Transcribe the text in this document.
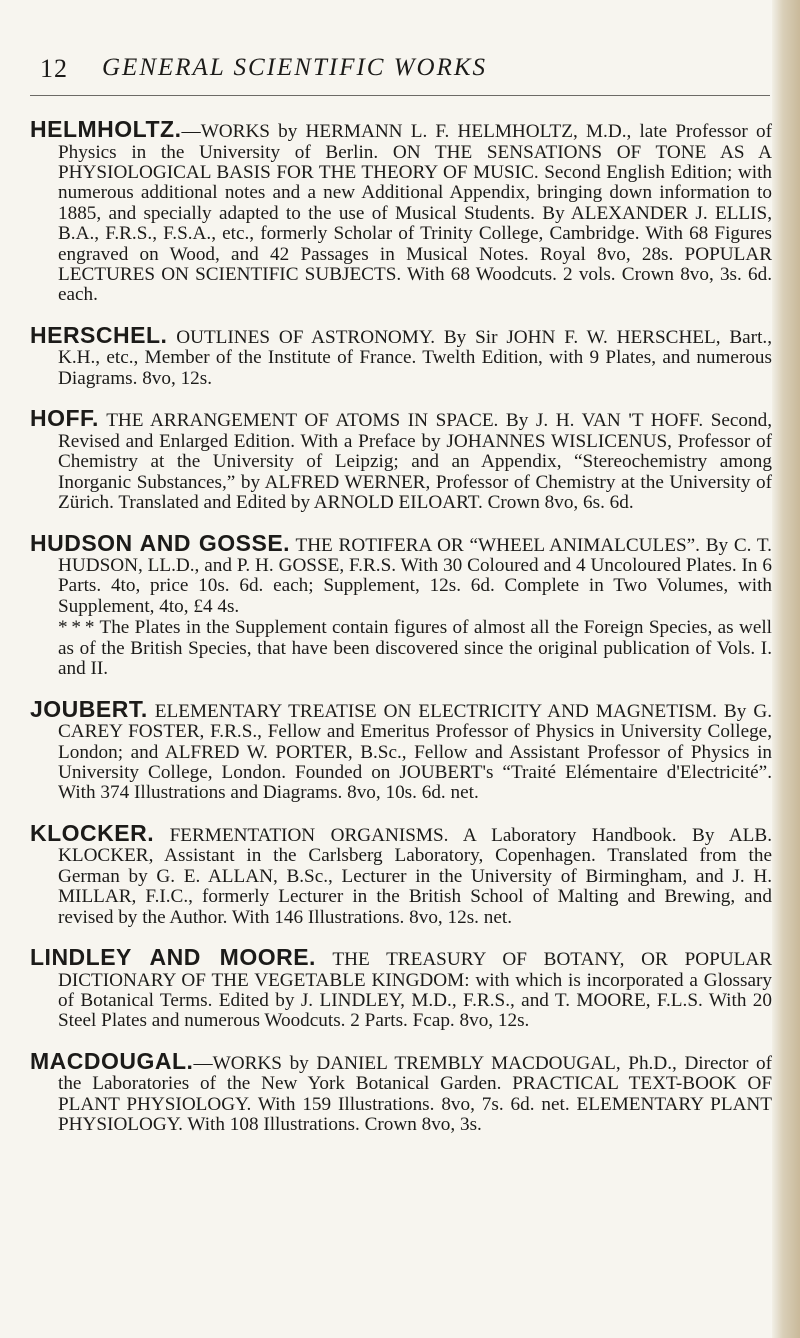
12 GENERAL SCIENTIFIC WORKS

HELMHOLTZ.—WORKS by HERMANN L. F. HELMHOLTZ, M.D., late Professor of Physics in the University of Berlin. ON THE SENSATIONS OF TONE AS A PHYSIOLOGICAL BASIS FOR THE THEORY OF MUSIC. Second English Edition; with numerous additional notes and a new Additional Appendix, bringing down information to 1885, and specially adapted to the use of Musical Students. By ALEXANDER J. ELLIS, B.A., F.R.S., F.S.A., etc., formerly Scholar of Trinity College, Cambridge. With 68 Figures engraved on Wood, and 42 Passages in Musical Notes. Royal 8vo, 28s. POPULAR LECTURES ON SCIENTIFIC SUBJECTS. With 68 Woodcuts. 2 vols. Crown 8vo, 3s. 6d. each.

HERSCHEL. OUTLINES OF ASTRONOMY. By Sir JOHN F. W. HERSCHEL, Bart., K.H., etc., Member of the Institute of France. Twelth Edition, with 9 Plates, and numerous Diagrams. 8vo, 12s.

HOFF. THE ARRANGEMENT OF ATOMS IN SPACE. By J. H. VAN 'T HOFF. Second, Revised and Enlarged Edition. With a Preface by JOHANNES WISLICENUS, Professor of Chemistry at the University of Leipzig; and an Appendix, “Stereochemistry among Inorganic Substances,” by ALFRED WERNER, Professor of Chemistry at the University of Zürich. Translated and Edited by ARNOLD EILOART. Crown 8vo, 6s. 6d.

HUDSON AND GOSSE. THE ROTIFERA OR “WHEEL ANIMALCULES”. By C. T. HUDSON, LL.D., and P. H. GOSSE, F.R.S. With 30 Coloured and 4 Uncoloured Plates. In 6 Parts. 4to, price 10s. 6d. each; Supplement, 12s. 6d. Complete in Two Volumes, with Supplement, 4to, £4 4s.

* * * The Plates in the Supplement contain figures of almost all the Foreign Species, as well as of the British Species, that have been discovered since the original publication of Vols. I. and II.

JOUBERT. ELEMENTARY TREATISE ON ELECTRICITY AND MAGNETISM. By G. CAREY FOSTER, F.R.S., Fellow and Emeritus Professor of Physics in University College, London; and ALFRED W. PORTER, B.Sc., Fellow and Assistant Professor of Physics in University College, London. Founded on JOUBERT's “Traité Elémentaire d'Electricité”. With 374 Illustrations and Diagrams. 8vo, 10s. 6d. net.

KLOCKER. FERMENTATION ORGANISMS. A Laboratory Handbook. By ALB. KLOCKER, Assistant in the Carlsberg Laboratory, Copenhagen. Translated from the German by G. E. ALLAN, B.Sc., Lecturer in the University of Birmingham, and J. H. MILLAR, F.I.C., formerly Lecturer in the British School of Malting and Brewing, and revised by the Author. With 146 Illustrations. 8vo, 12s. net.

LINDLEY AND MOORE. THE TREASURY OF BOTANY, OR POPULAR DICTIONARY OF THE VEGETABLE KINGDOM: with which is incorporated a Glossary of Botanical Terms. Edited by J. LINDLEY, M.D., F.R.S., and T. MOORE, F.L.S. With 20 Steel Plates and numerous Woodcuts. 2 Parts. Fcap. 8vo, 12s.

MACDOUGAL.—WORKS by DANIEL TREMBLY MACDOUGAL, Ph.D., Director of the Laboratories of the New York Botanical Garden. PRACTICAL TEXT-BOOK OF PLANT PHYSIOLOGY. With 159 Illustrations. 8vo, 7s. 6d. net. ELEMENTARY PLANT PHYSIOLOGY. With 108 Illustrations. Crown 8vo, 3s.
